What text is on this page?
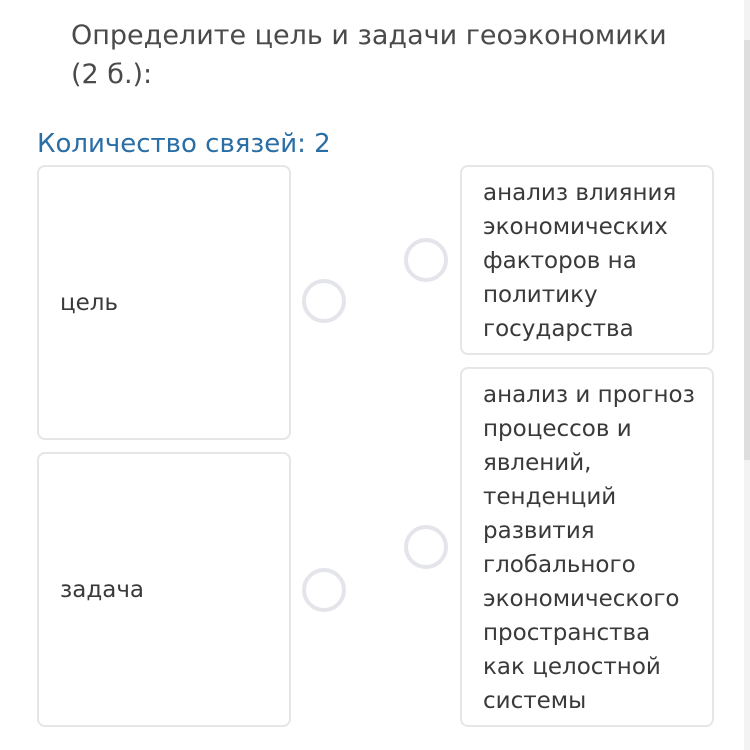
Определите цель и задачи геоэкономики (2 б.):
Количество связей: 2
цель
задача
анализ влияния экономических факторов на политику государства
анализ и прогноз процессов и явлений, тенденций развития глобального экономического пространства как целостной системы
